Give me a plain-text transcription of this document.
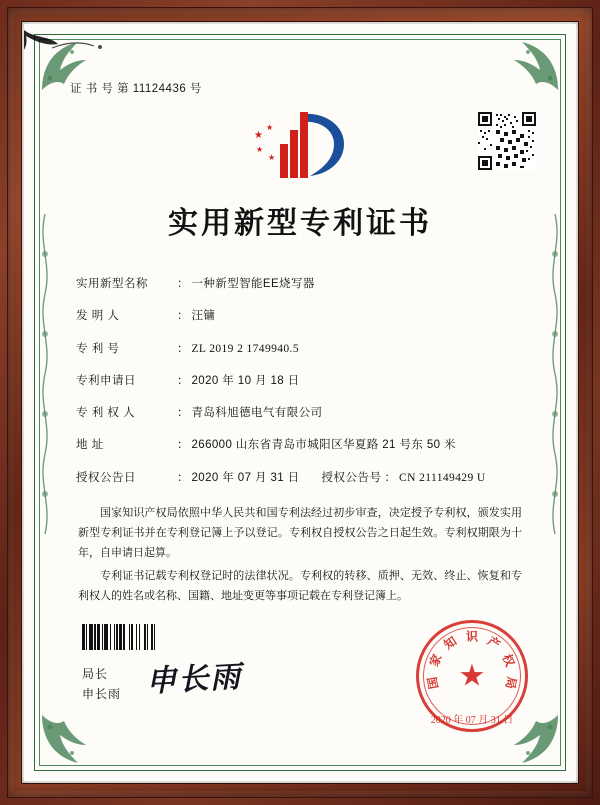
证 书 号 第 11124436 号
★
★
★
★
实用新型专利证书
实用新型名称	： 一种新型智能EE烧写器
发 明 人	： 汪镛
专 利 号	： ZL 2019 2 1749940.5
专利申请日	： 2020 年 10 月 18 日
专 利 权 人	： 青岛科旭德电气有限公司
地 址	： 266000 山东省青岛市城阳区华夏路 21 号东 50 米
授权公告日	： 2020 年 07 月 31 日 授权公告号 ： CN 211149429 U

国家知识产权局依照中华人民共和国专利法经过初步审查，决定授予专利权，颁发实用新型专利证书并在专利登记簿上予以登记。专利权自授权公告之日起生效。专利权期限为十年，自申请日起算。

专利证书记载专利权登记时的法律状况。专利权的转移、质押、无效、终止、恢复和专利权人的姓名或名称、国籍、地址变更等事项记载在专利登记簿上。

局长
申长雨 申长雨	国
家
知 识 产
权
局
★
2020 年 07 月 31 日
